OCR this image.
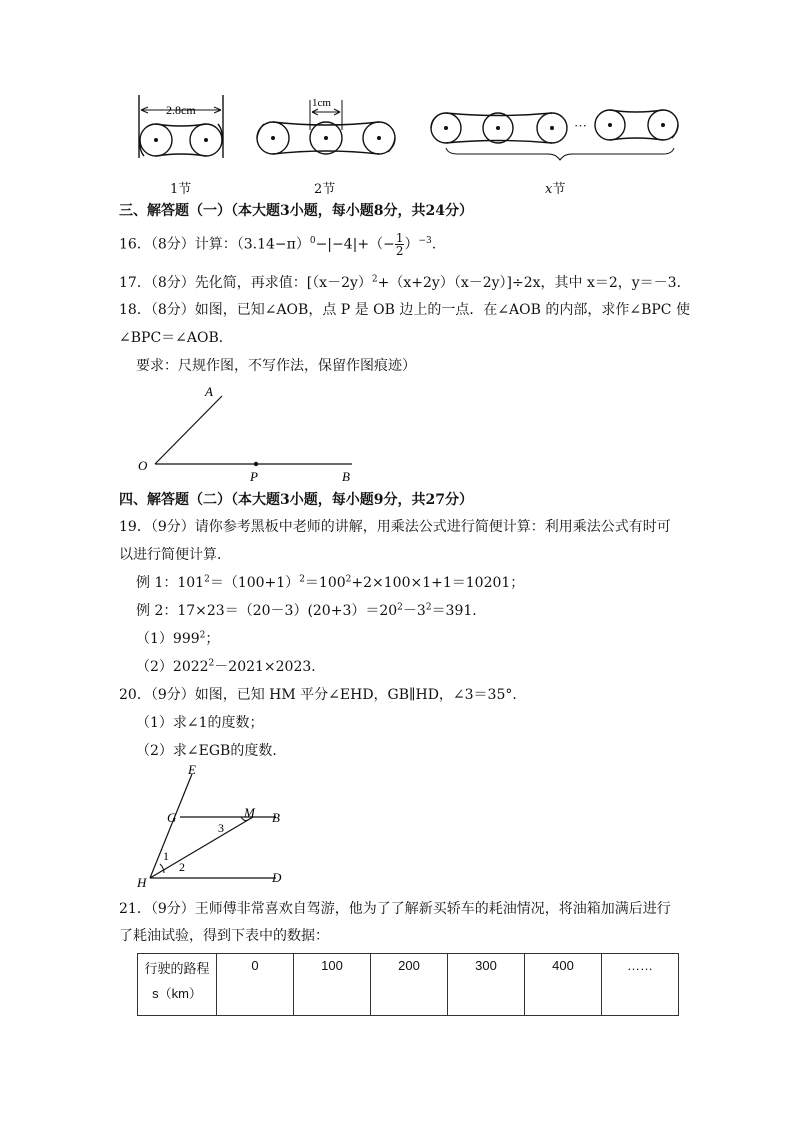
2.8cm	1cm
···
1节	2节	x节
三、解答题（一）（本大题3小题，每小题8分，共24分）
16．（8分）计算：$(3.14-\pi)^0-|-4|+(- \frac{1}{2} )^{-3}$.
17．（8分）先化简，再求值：$[(x-2y)^2+(x+2y)(x-2y)]\div 2x$，其中 x＝2，y＝－3．
18．（8分）如图，已知∠AOB，点 P 是 OB 边上的一点．在∠AOB 的内部，求作∠BPC 使
∠BPC＝∠AOB．
要求：尺规作图，不写作法，保留作图痕迹）
A
O
P	B
四、解答题（二）（本大题3小题，每小题9分，共27分）
19．（9分）请你参考黑板中老师的讲解，用乘法公式进行简便计算：利用乘法公式有时可
以进行简便计算．
例 1：$101^2=(100+1)^2=100^2+2\times 100\times 1+1=10201$；
例 2：$17\times 23=(20-3)(20+3)=20^2-3^2=391$．
$(1)999^2$；
$(2)2022^2-2021\times 2023$．
20．（9分）如图，已知 HM 平分∠EHD，GB∥HD，∠3＝35°．
（1）求∠1的度数；
（2）求∠EGB的度数．
E
G	M B
3
1
2
H	D
21．（9分）王师傅非常喜欢自驾游，他为了了解新买轿车的耗油情况，将油箱加满后进行
了耗油试验，得到下表中的数据：
行驶的路程
s（km）
	0	100	200	300	400	……
